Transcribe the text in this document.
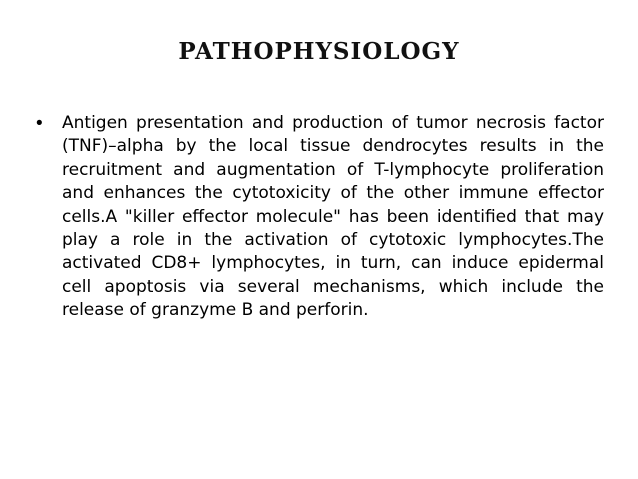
pathophysiology
• Antigen presentation and production of tumor necrosis factor (TNF)–alpha by the local tissue dendrocytes results in the recruitment and augmentation of T-lymphocyte proliferation and enhances the cytotoxicity of the other immune effector cells.A "killer effector molecule" has been identified that may play a role in the activation of cytotoxic lymphocytes.The activated CD8+ lymphocytes, in turn, can induce epidermal cell apoptosis via several mechanisms, which include the release of granzyme B and perforin.
